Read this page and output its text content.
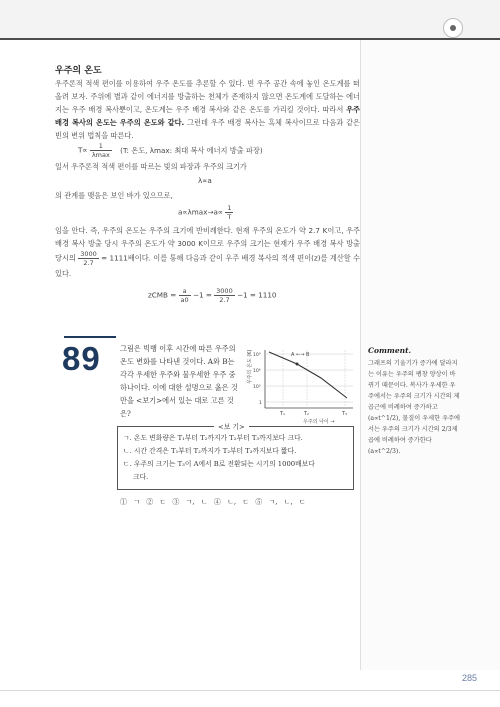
우주의 온도
우주론적 적색 편이를 이용하여 우주 온도를 추론할 수 있다. 빈 우주 공간 속에 놓인 온도계를 떠올려 보자. 주위에 별과 같이 에너지를 방출하는 천체가 존재하지 않으면 온도계에 도달하는 에너지는 우주 배경 복사뿐이고, 온도계는 우주 배경 복사와 같은 온도를 가리킬 것이다. 따라서 우주 배경 복사의 온도는 우주의 온도와 같다. 그런데 우주 배경 복사는 흑체 복사이므로 다음과 같은 빈의 변위 법칙을 따른다.
$T\propto \frac{1}{\lambda\max} (T$: 온도, λmax: 최대 복사 에너지 방출 파장)
일서 우주론적 적색 편이를 따르는 빛의 파장과 우주의 크기가
λ∝a
의 관계를 맺음은 보인 바가 있으므로,
$a\propto\lambda\max\to a\propto \frac{1}{T}$
임을 안다. 즉, 우주의 온도는 우주의 크기에 반비례한다. 현재 우주의 온도가 약 2.7 K이고, 우주 배경 복사 방출 당시 우주의 온도가 약 3000 K이므로 우주의 크기는 현재가 우주 배경 복사 방출 당시의 $\frac{3000}{2.7} = 1111$배이다. 이를 통해 다음과 같이 우주 배경 복사의 적색 편이(z)를 계산할 수 있다.
zCMB = $\frac{a}{a0} -1 = \frac{3000}{2.7} -1 = 1110$
89	그림은 빅뱅 이후 시간에 따른 우주의 온도 변화를 나타낸 것이다. A와 B는 각각 우세한 우주와 물우세한 우주 중 하나이다. 이에 대한 설명으로 옳은 것만을 <보기>에서 있는 대로 고른 것은?
우주의 온도 (K) 10⁹
10⁶
10³
1
T₁	T₂	T₃
우주의 나이 →
A ←→ B
<보 기>
ㄱ. 온도 변화량은 T₁부터 T₂까지가 T₂부터 T₃까지보다 크다.
ㄴ. 시간 간격은 T₁부터 T₂까지가 T₂부터 T₃까지보다 짧다.
ㄷ. 우주의 크기는 T₃이 A에서 B로 전환되는 시기의 1000배보다
크다.
① ㄱ ② ㄷ ③ ㄱ, ㄴ ④ ㄴ, ㄷ ⑤ ㄱ, ㄴ, ㄷ
Comment.
그래프의 기울기가 증가에 달라지는 이유는 우주의 팽창 양상이 바뀌기 때문이다. 복사가 우세한 우주에서는 우주의 크기가 시간의 제곱근에 비례하여 증가하고(a∝t^1/2), 물질이 우세한 우주에서는 우주의 크기가 시간의 2/3제곱에 비례하여 증가한다(a∝t^2/3).
285
